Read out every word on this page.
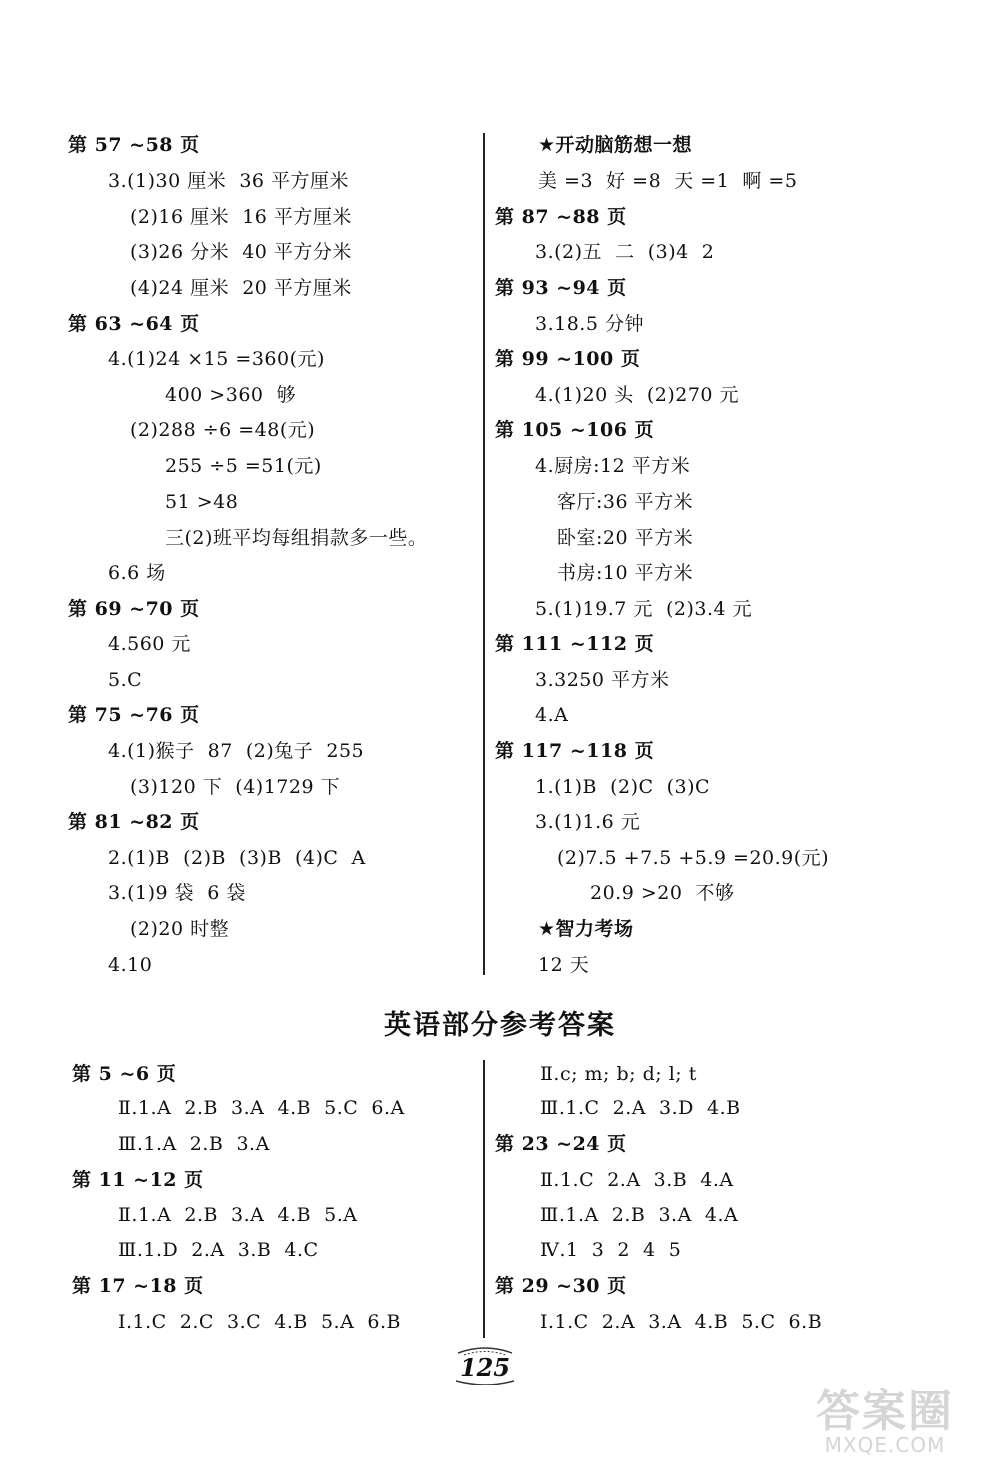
第 57 ~58 页
3.(1)30 厘米  36 平方厘米
(2)16 厘米  16 平方厘米
(3)26 分米  40 平方分米
(4)24 厘米  20 平方厘米
第 63 ~64 页
4.(1)24 ×15 =360(元)
400 >360  够
(2)288 ÷6 =48(元)
255 ÷5 =51(元)
51 >48
三(2)班平均每组捐款多一些。
6.6 场
第 69 ~70 页
4.560 元
5.C
第 75 ~76 页
4.(1)猴子  87  (2)兔子  255
(3)120 下  (4)1729 下
第 81 ~82 页
2.(1)B  (2)B  (3)B  (4)C  A
3.(1)9 袋  6 袋
(2)20 时整
4.10
★开动脑筋想一想
美 =3  好 =8  天 =1  啊 =5
第 87 ~88 页
3.(2)五  二  (3)4  2
第 93 ~94 页
3.18.5 分钟
第 99 ~100 页
4.(1)20 头  (2)270 元
第 105 ~106 页
4.厨房:12 平方米
客厅:36 平方米
卧室:20 平方米
书房:10 平方米
5.(1)19.7 元  (2)3.4 元
第 111 ~112 页
3.3250 平方米
4.A
第 117 ~118 页
1.(1)B  (2)C  (3)C
3.(1)1.6 元
(2)7.5 +7.5 +5.9 =20.9(元)
20.9 >20  不够
★智力考场
12 天
英语部分参考答案
第 5 ~6 页
Ⅱ.1.A  2.B  3.A  4.B  5.C  6.A
Ⅲ.1.A  2.B  3.A
第 11 ~12 页
Ⅱ.1.A  2.B  3.A  4.B  5.A
Ⅲ.1.D  2.A  3.B  4.C
第 17 ~18 页
Ⅰ.1.C  2.C  3.C  4.B  5.A  6.B
Ⅱ.c; m; b; d; l; t
Ⅲ.1.C  2.A  3.D  4.B
第 23 ~24 页
Ⅱ.1.C  2.A  3.B  4.A
Ⅲ.1.A  2.B  3.A  4.A
Ⅳ.1  3  2  4  5
第 29 ~30 页
Ⅰ.1.C  2.A  3.A  4.B  5.C  6.B
125
答案圈
MXQE.COM
